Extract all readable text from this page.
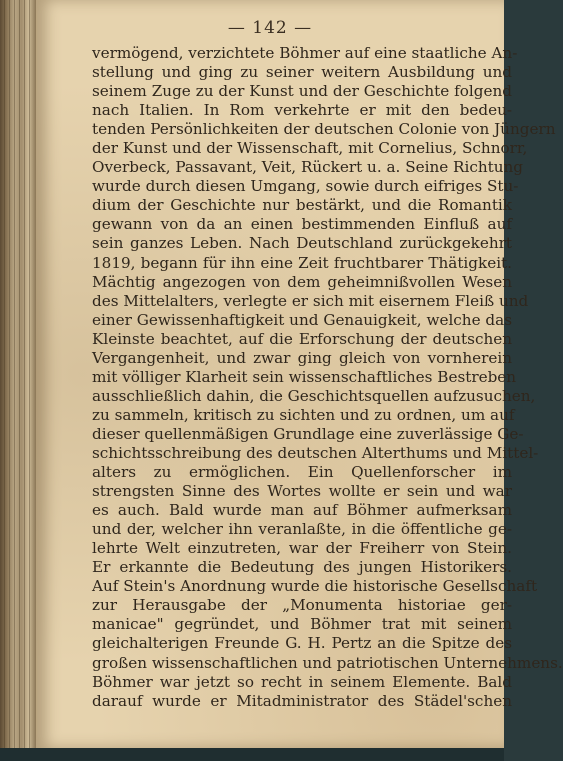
— 142 —
vermögend, verzichtete Böhmer auf eine staatliche An-
stellung und ging zu seiner weitern Ausbildung und
seinem Zuge zu der Kunst und der Geschichte folgend
nach Italien. In Rom verkehrte er mit den bedeu-
tenden Persönlichkeiten der deutschen Colonie von Jüngern
der Kunst und der Wissenschaft, mit Cornelius, Schnorr,
Overbeck, Passavant, Veit, Rückert u. a. Seine Richtung
wurde durch diesen Umgang, sowie durch eifriges Stu-
dium der Geschichte nur bestärkt, und die Romantik
gewann von da an einen bestimmenden Einfluß auf
sein ganzes Leben. Nach Deutschland zurückgekehrt
1819, begann für ihn eine Zeit fruchtbarer Thätigkeit.
Mächtig angezogen von dem geheimnißvollen Wesen
des Mittelalters, verlegte er sich mit eisernem Fleiß und
einer Gewissenhaftigkeit und Genauigkeit, welche das
Kleinste beachtet, auf die Erforschung der deutschen
Vergangenheit, und zwar ging gleich von vornherein
mit völliger Klarheit sein wissenschaftliches Bestreben
ausschließlich dahin, die Geschichtsquellen aufzusuchen,
zu sammeln, kritisch zu sichten und zu ordnen, um auf
dieser quellenmäßigen Grundlage eine zuverlässige Ge-
schichtsschreibung des deutschen Alterthums und Mittel-
alters zu ermöglichen. Ein Quellenforscher im
strengsten Sinne des Wortes wollte er sein und war
es auch. Bald wurde man auf Böhmer aufmerksam
und der, welcher ihn veranlaßte, in die öffentliche ge-
lehrte Welt einzutreten, war der Freiherr von Stein.
Er erkannte die Bedeutung des jungen Historikers.
Auf Stein's Anordnung wurde die historische Gesellschaft
zur Herausgabe der „Monumenta historiae ger-
manicae" gegründet, und Böhmer trat mit seinem
gleichalterigen Freunde G. H. Pertz an die Spitze des
großen wissenschaftlichen und patriotischen Unternehmens.
Böhmer war jetzt so recht in seinem Elemente. Bald
darauf wurde er Mitadministrator des Städel'schen
